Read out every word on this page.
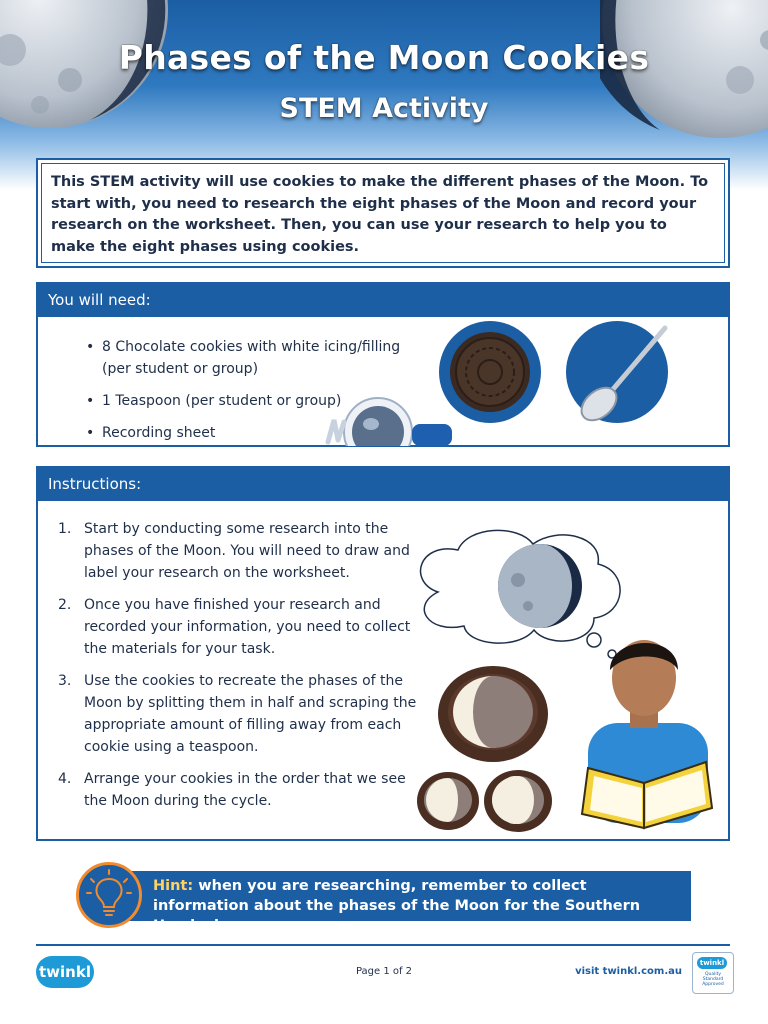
Phases of the Moon Cookies
STEM Activity

This STEM activity will use cookies to make the different phases of the Moon. To start with, you need to research the eight phases of the Moon and record your research on the worksheet. Then, you can use your research to help you to make the eight phases using cookies.

You will need:
• 8 Chocolate cookies with white icing/filling (per student or group)
• 1 Teaspoon (per student or group)
• Recording sheet
Instructions:
1. Start by conducting some research into the phases of the Moon. You will need to draw and label your research on the worksheet.
2. Once you have finished your research and recorded your information, you need to collect the materials for your task.
3. Use the cookies to recreate the phases of the Moon by splitting them in half and scraping the appropriate amount of filling away from each cookie using a teaspoon.
4. Arrange your cookies in the order that we see the Moon during the cycle.
Hint: when you are researching, remember to collect information about the phases of the Moon for the Southern Hemisphere.
twinkl	Page 1 of 2	visit twinkl.com.au
twinkl
Quality Standard Approved
